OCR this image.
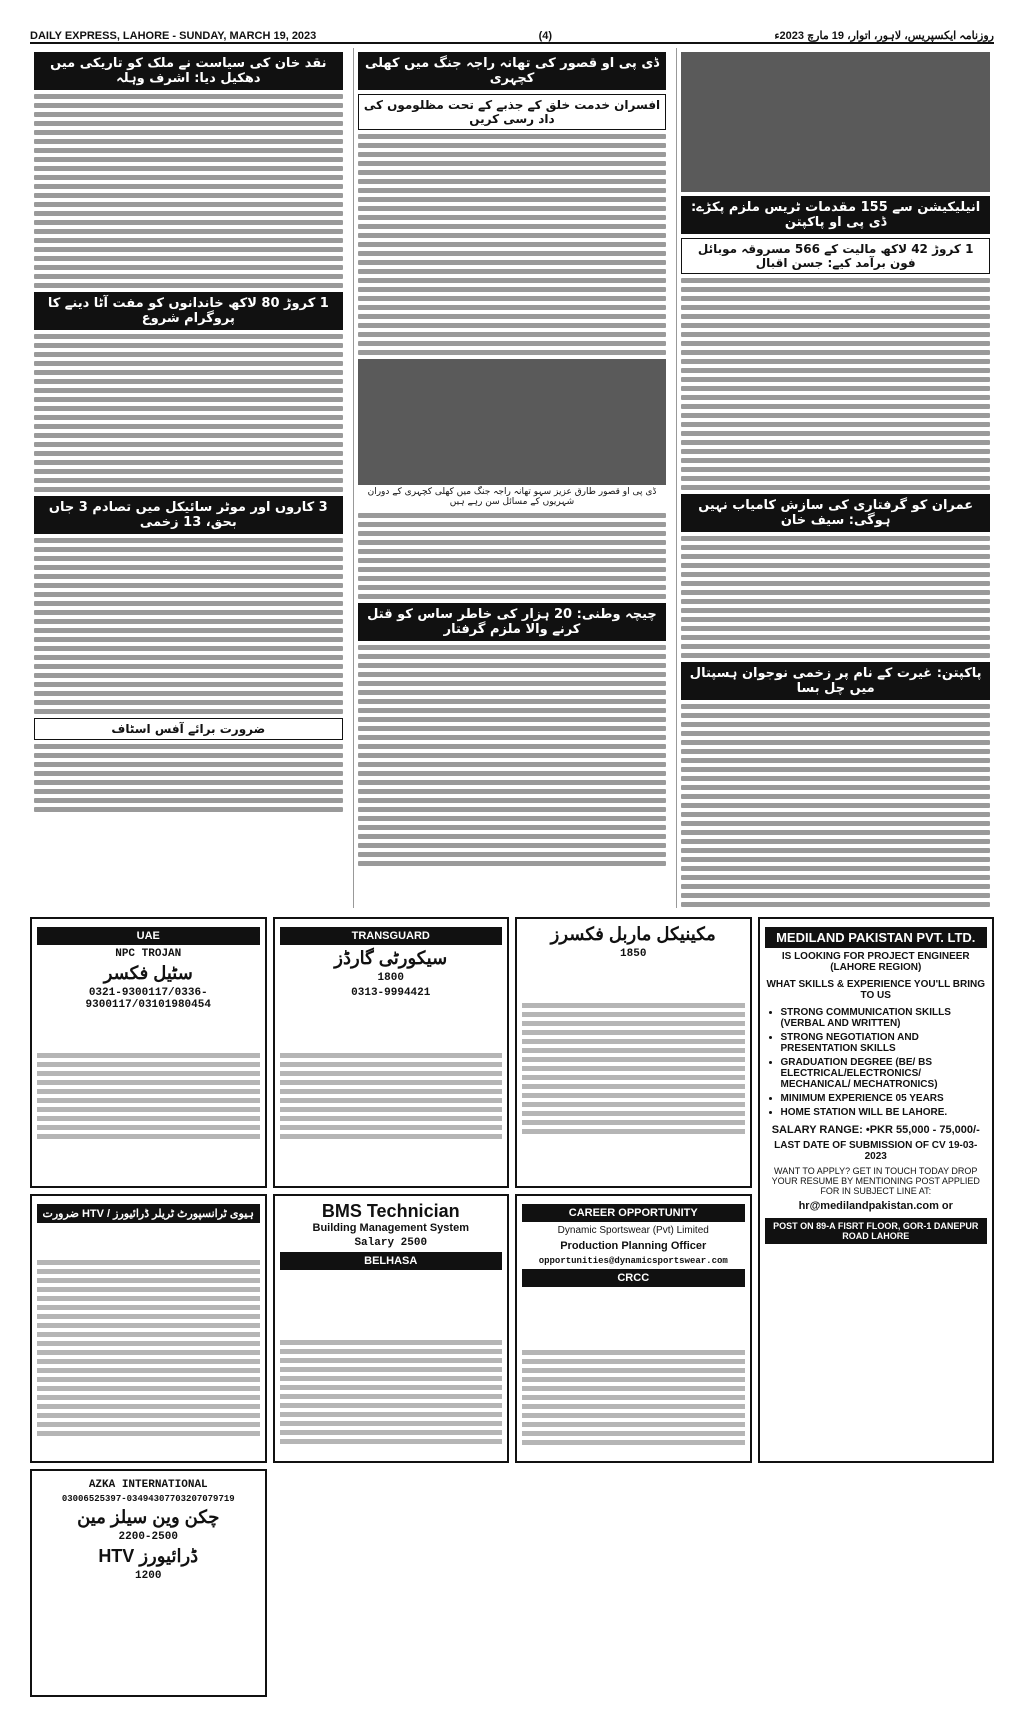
DAILY EXPRESS, LAHORE - SUNDAY, MARCH 19, 2023	(4)	روزنامہ ایکسپریس، لاہور، اتوار، 19 مارچ 2023ء
انیلیکیشن سے 155 مقدمات ٹریس ملزم پکڑے: ڈی پی او پاکپتن
1 کروڑ 42 لاکھ مالیت کے 566 مسروقہ موبائل فون برآمد کیے: جسن اقبال
عمران کو گرفتاری کی سازش کامیاب نہیں ہوگی: سیف خان
پاکپتن: غیرت کے نام پر زخمی نوجوان ہسپتال میں چل بسا
ڈی پی او قصور کی تھانہ راجہ جنگ میں کھلی کچہری
افسران خدمت خلق کے جذبے کے تحت مظلوموں کی داد رسی کریں
ڈی پی او قصور طارق عزیز سہو تھانہ راجہ جنگ میں کھلی کچہری کے دوران شہریوں کے مسائل سن رہے ہیں
چیچہ وطنی: 20 ہزار کی خاطر ساس کو قتل کرنے والا ملزم گرفتار
نقد خان کی سیاست نے ملک کو تاریکی میں دھکیل دیا: اشرف وہلہ
1 کروڑ 80 لاکھ خاندانوں کو مفت آٹا دینے کا پروگرام شروع
3 کاروں اور موٹر سائیکل میں تصادم 3 جاں بحق، 13 زخمی
ضرورت برائے آفس اسٹاف
UAE
NPC TROJAN
سٹیل فکسر
0321-9300117/0336-9300117/03101980454
TRANSGUARD
سیکورٹی گارڈز
1800
0313-9994421
مکینیکل ماربل فکسرز
1850
MEDILAND PAKISTAN PVT. LTD.
IS LOOKING FOR PROJECT ENGINEER (LAHORE REGION)
WHAT SKILLS & EXPERIENCE YOU'LL BRING TO US
• STRONG COMMUNICATION SKILLS (VERBAL AND WRITTEN)
• STRONG NEGOTIATION AND PRESENTATION SKILLS
• GRADUATION DEGREE (BE/ BS ELECTRICAL/ELECTRONICS/ MECHANICAL/ MECHATRONICS)
• MINIMUM EXPERIENCE 05 YEARS
• HOME STATION WILL BE LAHORE.
SALARY RANGE: •PKR 55,000 - 75,000/-
LAST DATE OF SUBMISSION OF CV 19-03-2023
WANT TO APPLY? GET IN TOUCH TODAY DROP YOUR RESUME BY MENTIONING POST APPLIED FOR IN SUBJECT LINE AT:
hr@medilandpakistan.com or
POST ON 89-A FISRT FLOOR, GOR-1 DANEPUR ROAD LAHORE
ضرورت HTV / ہیوی ٹرانسپورٹ ٹریلر ڈرائیورز	BMS Technician
Building Management System
Salary 2500
BELHASA
CAREER OPPORTUNITY
Dynamic Sportswear (Pvt) Limited
Production Planning Officer
opportunities@dynamicsportswear.com
CRCC
AZKA INTERNATIONAL
03006525397-03494307703207079719
چکن وین سیلز مین
2200-2500
HTV ڈرائیورز
1200
